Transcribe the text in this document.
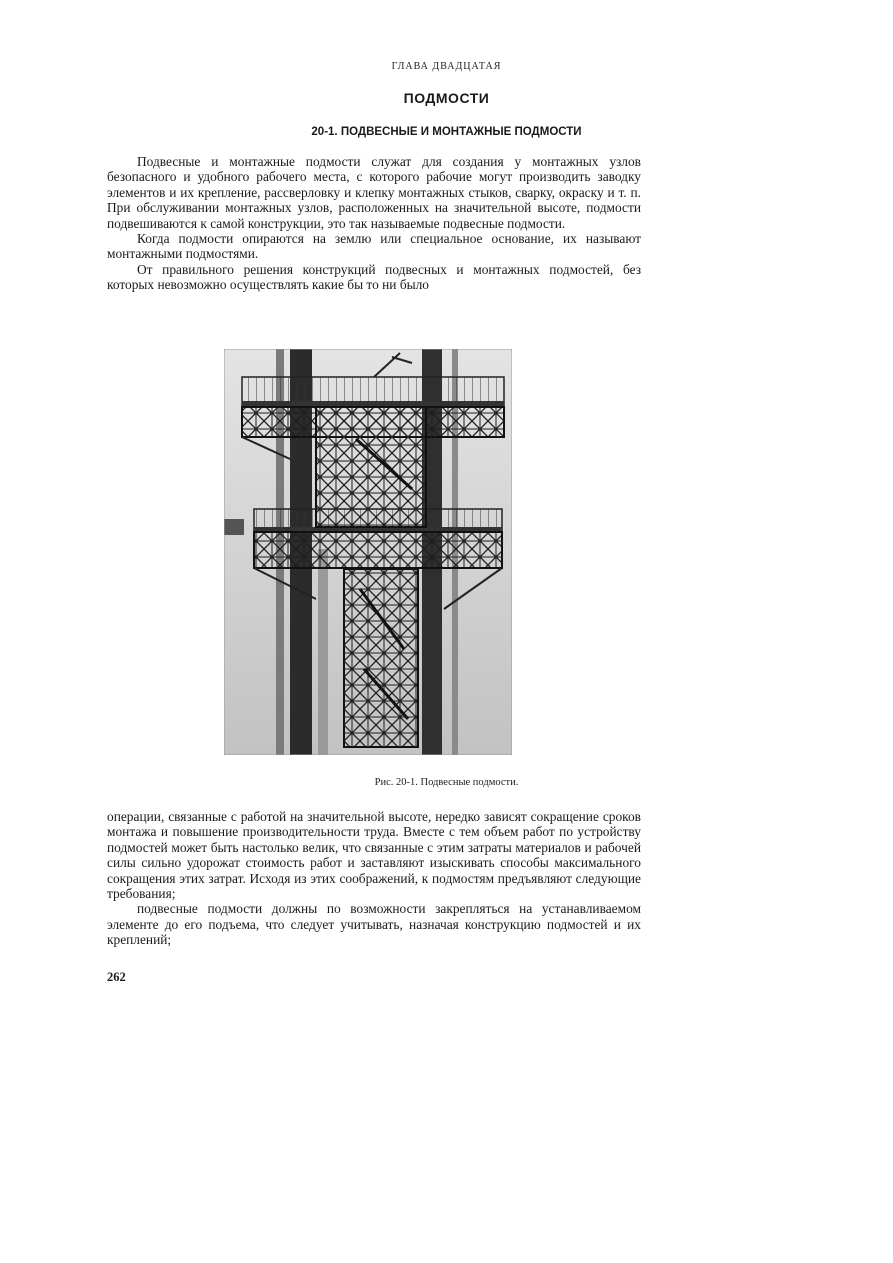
ГЛАВА ДВАДЦАТАЯ
ПОДМОСТИ
20-1. ПОДВЕСНЫЕ И МОНТАЖНЫЕ ПОДМОСТИ

Подвесные и монтажные подмости служат для создания у монтажных узлов безопасного и удобного рабочего места, с которого рабочие могут производить заводку элементов и их крепление, рассверловку и клепку монтажных стыков, сварку, окраску и т. п. При обслуживании монтажных узлов, расположенных на значительной высоте, подмости подвешиваются к самой конструкции, это так называемые подвесные подмости.

Когда подмости опираются на землю или специальное основание, их называют монтажными подмостями.

От правильного решения конструкций подвесных и монтажных подмостей, без которых невозможно осуществлять какие бы то ни было

Рис. 20-1. Подвесные подмости.

операции, связанные с работой на значительной высоте, нередко зависят сокращение сроков монтажа и повышение производительности труда. Вместе с тем объем работ по устройству подмостей может быть настолько велик, что связанные с этим затраты материалов и рабочей силы сильно удорожат стоимость работ и заставляют изыскивать способы максимального сокращения этих затрат. Исходя из этих соображений, к подмостям предъявляют следующие требования;

подвесные подмости должны по возможности закрепляться на устанавливаемом элементе до его подъема, что следует учитывать, назначая конструкцию подмостей и их креплений;

262
